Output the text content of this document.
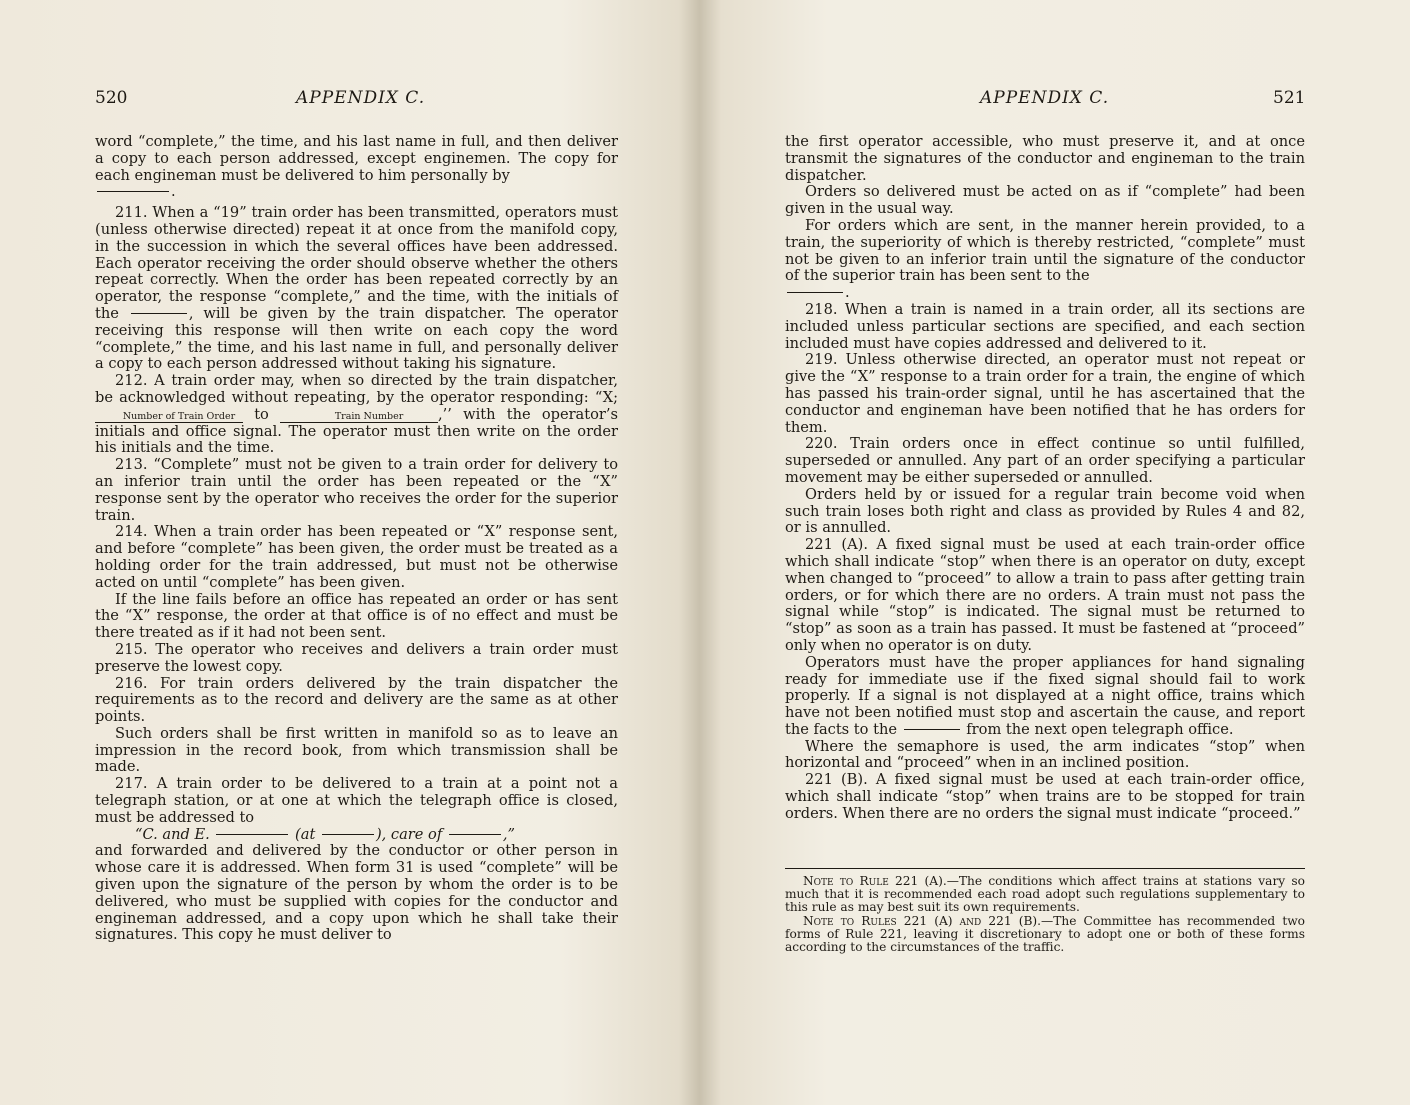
520	APPENDIX C.

word “complete,” the time, and his last name in full, and then deliver a copy to each person addressed, except enginemen. The copy for each engineman must be delivered to him personally by

.

211. When a “19” train order has been transmitted, operators must (unless otherwise directed) repeat it at once from the manifold copy, in the succession in which the several offices have been addressed. Each operator receiving the order should observe whether the others repeat correctly. When the order has been repeated correctly by an operator, the response “complete,” and the time, with the initials of the	, will be given by the train dispatcher. The operator receiving this response will then write on each copy the word “complete,” the time, and his last name in full, and personally deliver a copy to each person addressed without taking his signature.

212. A train order may, when so directed by the train dispatcher, be acknowledged without repeating, by the operator responding: “X; Number of Train Order to	Train Number ,’’ with the operator’s initials and office signal. The operator must then write on the order his initials and the time.

213. “Complete” must not be given to a train order for delivery to an inferior train until the order has been repeated or the “X” response sent by the operator who receives the order for the superior train.

214. When a train order has been repeated or “X” response sent, and before “complete” has been given, the order must be treated as a holding order for the train addressed, but must not be otherwise acted on until “complete” has been given.

If the line fails before an office has repeated an order or has sent the “X” response, the order at that office is of no effect and must be there treated as if it had not been sent.

215. The operator who receives and delivers a train order must preserve the lowest copy.

216. For train orders delivered by the train dispatcher the requirements as to the record and delivery are the same as at other points.

Such orders shall be first written in manifold so as to leave an impression in the record book, from which transmission shall be made.

217. A train order to be delivered to a train at a point not a telegraph station, or at one at which the telegraph office is closed, must be addressed to

“C. and E.	(at	), care of	,”

and forwarded and delivered by the conductor or other person in whose care it is addressed. When form 31 is used “complete” will be given upon the signature of the person by whom the order is to be delivered, who must be supplied with copies for the conductor and engineman addressed, and a copy upon which he shall take their signatures. This copy he must deliver to

APPENDIX C.	521

the first operator accessible, who must preserve it, and at once transmit the signatures of the conductor and engineman to the train dispatcher.

Orders so delivered must be acted on as if “complete” had been given in the usual way.

For orders which are sent, in the manner herein provided, to a train, the superiority of which is thereby restricted, “complete” must not be given to an inferior train until the signature of the conductor of the superior train has been sent to the

.

218. When a train is named in a train order, all its sections are included unless particular sections are specified, and each section included must have copies addressed and delivered to it.

219. Unless otherwise directed, an operator must not repeat or give the “X” response to a train order for a train, the engine of which has passed his train-order signal, until he has ascertained that the conductor and engineman have been notified that he has orders for them.

220. Train orders once in effect continue so until fulfilled, superseded or annulled. Any part of an order specifying a particular movement may be either superseded or annulled.

Orders held by or issued for a regular train become void when such train loses both right and class as provided by Rules 4 and 82, or is annulled.

221 (A). A fixed signal must be used at each train-order office which shall indicate “stop” when there is an operator on duty, except when changed to “proceed” to allow a train to pass after getting train orders, or for which there are no orders. A train must not pass the signal while “stop” is indicated. The signal must be returned to “stop” as soon as a train has passed. It must be fastened at “proceed” only when no operator is on duty.

Operators must have the proper appliances for hand signaling ready for immediate use if the fixed signal should fail to work properly. If a signal is not displayed at a night office, trains which have not been notified must stop and ascertain the cause, and report the facts to the	from the next open telegraph office.

Where the semaphore is used, the arm indicates “stop” when horizontal and “proceed” when in an inclined position.

221 (B). A fixed signal must be used at each train-order office, which shall indicate “stop” when trains are to be stopped for train orders. When there are no orders the signal must indicate “proceed.”

Note to Rule 221 (A).—The conditions which affect trains at stations vary so much that it is recommended each road adopt such regulations supplementary to this rule as may best suit its own requirements.

Note to Rules 221 (A) and 221 (B).—The Committee has recommended two forms of Rule 221, leaving it discretionary to adopt one or both of these forms according to the circumstances of the traffic.
